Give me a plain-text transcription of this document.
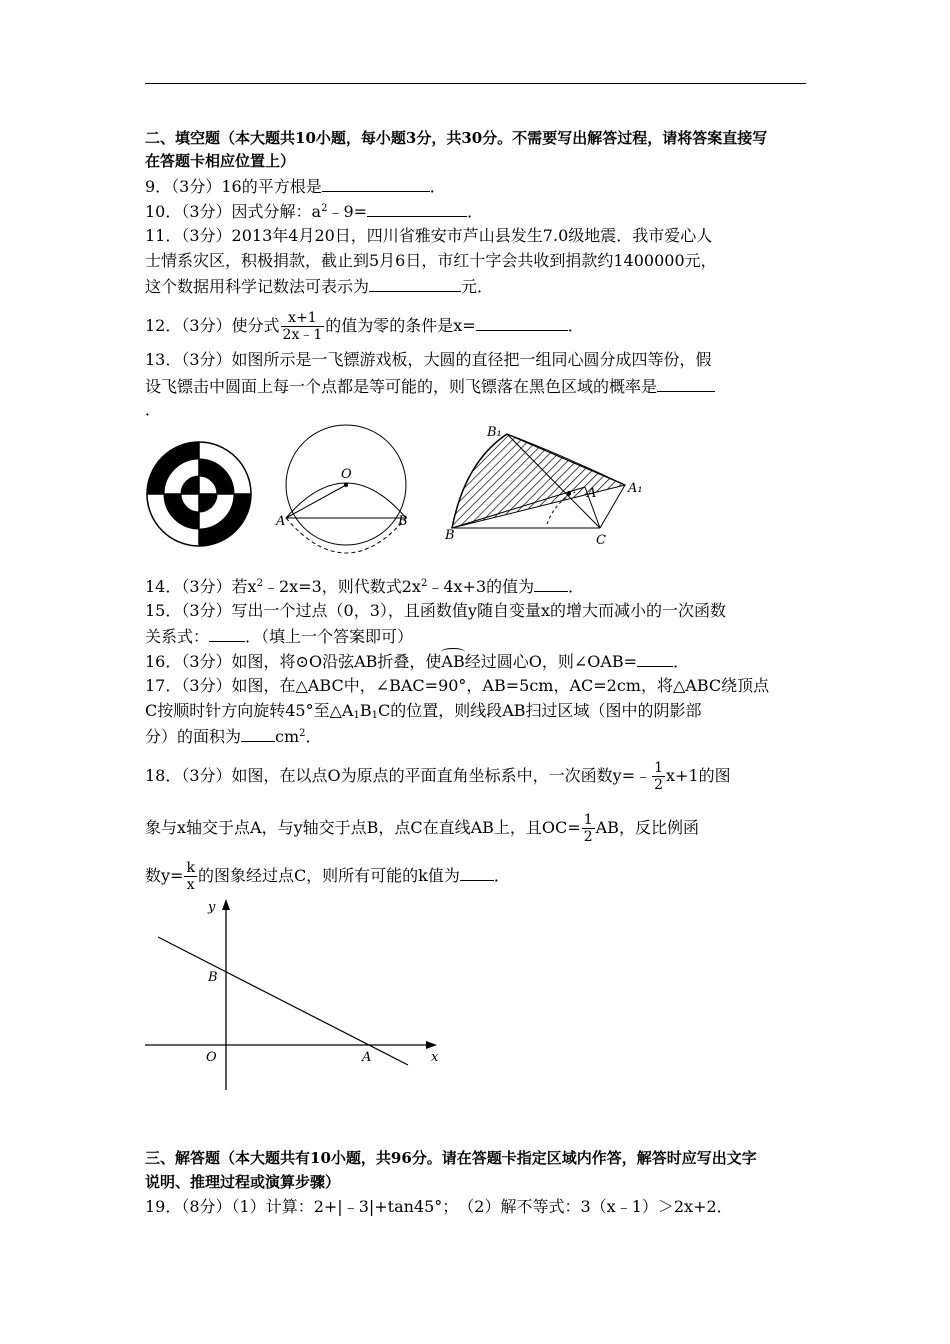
二、填空题（本大题共10小题，每小题3分，共30分。不需要写出解答过程，请将答案直接写
在答题卡相应位置上）
9．（3分）16的平方根是	．
10．（3分）因式分解：$a^2﹣9=$	．
11．（3分）2013年4月20日，四川省雅安市芦山县发生7.0级地震．我市爱心人
士情系灾区，积极捐款，截止到5月6日，市红十字会共收到捐款约1400000元，
这个数据用科学记数法可表示为	元．
12．（3分）使分式 $\frac{x+1}{2x﹣1}$ 的值为零的条件是x=	．
13．（3分）如图所示是一飞镖游戏板，大圆的直径把一组同心圆分成四等份，假
设飞镖击中圆面上每一个点都是等可能的，则飞镖落在黑色区域的概率是
．
O
A	B
B₁
A A₁
B	C
14．（3分）若$x^2﹣2x=3$，则代数式$2x^2﹣4x+3$的值为 ．
15．（3分）写出一个过点（0，3），且函数值y随自变量x的增大而减小的一次函数
关系式： ．（填上一个答案即可）
16．（3分）如图，将⊙O沿弦AB折叠，使AB经过圆心O，则∠OAB= ．
17．（3分）如图，在△ABC中，∠BAC=90°，AB=5cm，AC=2cm，将△ABC绕顶点
C按顺时针方向旋转45°至$\triangle A_1B_1C$的位置，则线段AB扫过区域（图中的阴影部
分）的面积为 $cm^2$．
18．（3分）如图，在以点O为原点的平面直角坐标系中，一次函数y=﹣ $\frac{1}{2} x+1$的图
象与x轴交于点A，与y轴交于点B，点C在直线AB上，且$OC= \frac{1}{2}$ AB，反比例函
数$y= \frac{k}{x}$ 的图象经过点C，则所有可能的k值为 ．
y
x
B
O	A
三、解答题（本大题共有10小题，共96分。请在答题卡指定区域内作答，解答时应写出文字
说明、推理过程或演算步骤）
19．（8分）（1）计算：2+|﹣3|+tan45°；　（2）解不等式：3（x﹣1）＞2x+2．
